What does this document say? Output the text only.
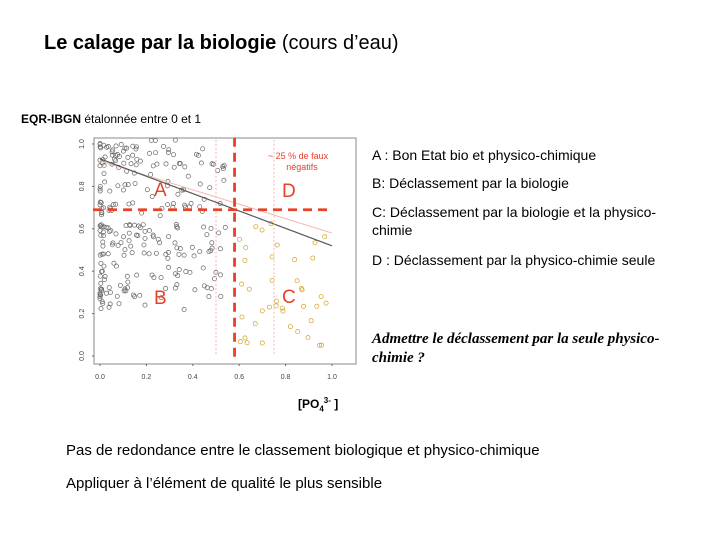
Le calage par la biologie (cours d’eau)
EQR-IBGN étalonnée entre 0 et 1
0.0
0.2
0.4
0.6
0.8
1.0
0.0	0.2	0.4	0.6	0.8	1.0
~ 25 % de faux
négatifs
A	D
B	C
A : Bon Etat bio et physico-chimique
B: Déclassement par la biologie
C: Déclassement par la biologie et la physico-chimie
D : Déclassement par la physico-chimie seule
Admettre le déclassement par la seule physico-chimie ?
[$PO_4^{3-}$ ]
Pas de redondance entre le classement biologique et physico-chimique
Appliquer à l’élément de qualité le plus sensible
